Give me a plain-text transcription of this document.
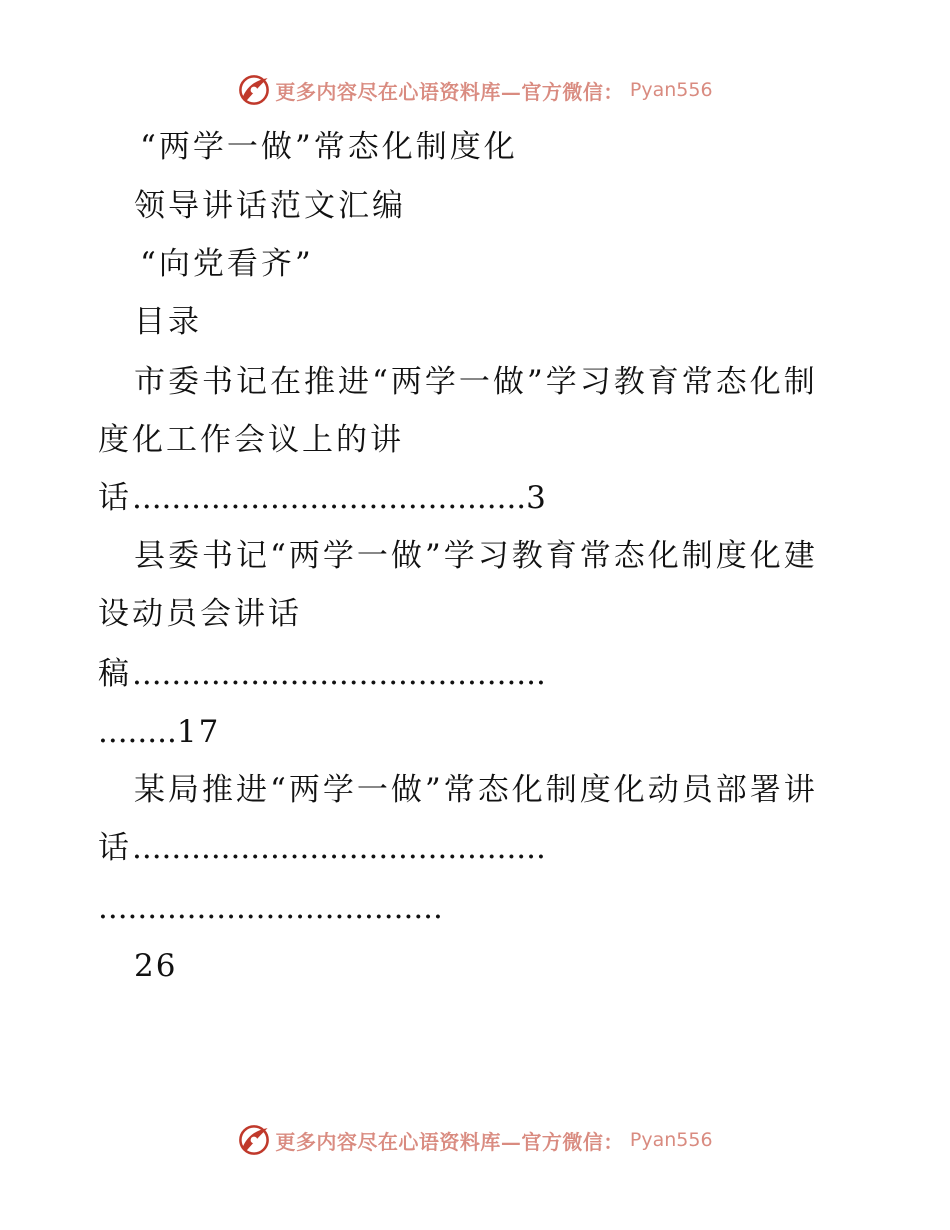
更多内容尽在心语资料库—官方微信： Pyan556
“两学一做”常态化制度化
领导讲话范文汇编
“向党看齐”
目录
市委书记在推进“两学一做”学习教育常态化制
度化工作会议上的讲
话........................................3
县委书记“两学一做”学习教育常态化制度化建
设动员会讲话
稿..........................................
........17
某局推进“两学一做”常态化制度化动员部署讲
话..........................................
...................................
26
更多内容尽在心语资料库—官方微信： Pyan556
